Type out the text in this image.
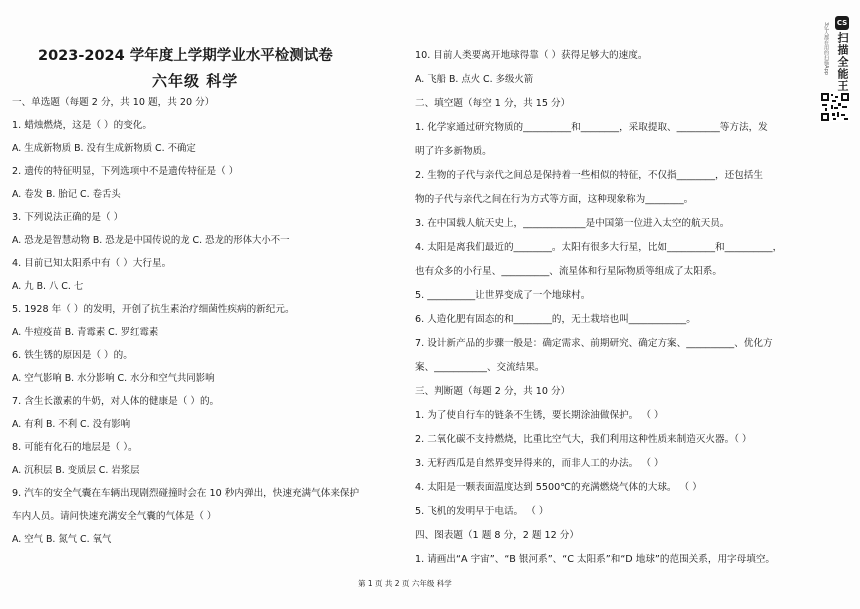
2023-2024 学年度上学期学业水平检测试卷
六年级 科学
一、单选题（每题 2 分，共 10 题，共 20 分）
1. 蜡烛燃烧，这是（ ）的变化。
A. 生成新物质 B. 没有生成新物质 C. 不确定
2. 遗传的特征明显，下列选项中不是遗传特征是（ ）
A. 卷发 B. 胎记 C. 卷舌头
3. 下列说法正确的是（ ）
A. 恐龙是智慧动物 B. 恐龙是中国传说的龙 C. 恐龙的形体大小不一
4. 目前已知太阳系中有（ ）大行星。
A. 九 B. 八 C. 七
5. 1928 年（ ）的发明，开创了抗生素治疗细菌性疾病的新纪元。
A. 牛痘疫苗 B. 青霉素 C. 罗红霉素
6. 铁生锈的原因是（ ）的。
A. 空气影响 B. 水分影响 C. 水分和空气共同影响
7. 含生长激素的牛奶，对人体的健康是（ ）的。
A. 有利 B. 不利 C. 没有影响
8. 可能有化石的地层是（ ）。
A. 沉积层 B. 变质层 C. 岩浆层
9. 汽车的安全气囊在车辆出现剧烈碰撞时会在 10 秒内弹出，快速充满气体来保护
车内人员。请问快速充满安全气囊的气体是（ ）
A. 空气 B. 氮气 C. 氧气
10. 目前人类要离开地球得靠（ ）获得足够大的速度。
A. 飞船 B. 点火 C. 多级火箭
二、填空题（每空 1 分，共 15 分）
1. 化学家通过研究物质的__________和________，采取提取、_________等方法，发
明了许多新物质。
2. 生物的子代与亲代之间总是保持着一些相似的特征，不仅指________，还包括生
物的子代与亲代之间在行为方式等方面，这种现象称为________。
3. 在中国载人航天史上，_____________是中国第一位进入太空的航天员。
4. 太阳是离我们最近的________。太阳有很多大行星，比如__________和__________，
也有众多的小行星、__________、流星体和行星际物质等组成了太阳系。
5. __________让世界变成了一个地球村。
6. 人造化肥有固态的和________的，无土栽培也叫____________。
7. 设计新产品的步骤一般是：确定需求、前期研究、确定方案、__________、优化方
案、___________、交流结果。
三、判断题（每题 2 分，共 10 分）
1. 为了使自行车的链条不生锈，要长期涂油做保护。 （ ）
2. 二氧化碳不支持燃烧，比重比空气大，我们利用这种性质来制造灭火器。（ ）
3. 无籽西瓜是自然界变异得来的，而非人工的办法。 （ ）
4. 太阳是一颗表面温度达到 5500℃的充满燃烧气体的大球。 （ ）
5. 飞机的发明早于电话。 （ ）
四、图表题（1 题 8 分，2 题 12 分）
1. 请画出“A 宇宙”、“B 银河系”、“C 太阳系”和“D 地球”的范围关系，用字母填空。
第 1 页 共 2 页 六年级 科学
CS
扫描全能王
3亿人都在用的扫描App
